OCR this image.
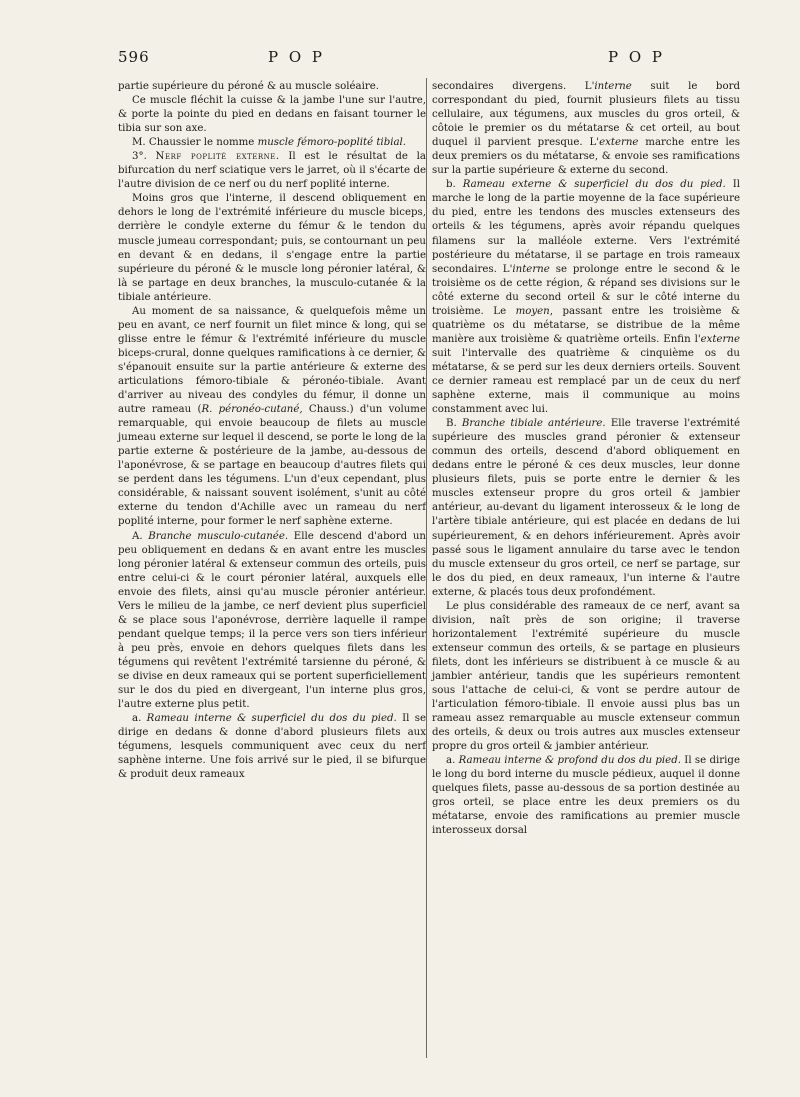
596	P O P	P O P

partie supérieure du péroné & au muscle soléaire.

Ce muscle fléchit la cuisse & la jambe l'une sur l'autre, & porte la pointe du pied en dedans en faisant tourner le tibia sur son axe.

M. Chaussier le nomme muscle fémoro-poplité tibial.

3°. Nerf poplité externe. Il est le résultat de la bifurcation du nerf sciatique vers le jarret, où il s'écarte de l'autre division de ce nerf ou du nerf poplité interne.

Moins gros que l'interne, il descend obliquement en dehors le long de l'extrémité inférieure du muscle biceps, derrière le condyle externe du fémur & le tendon du muscle jumeau correspondant; puis, se contournant un peu en devant & en dedans, il s'engage entre la partie supérieure du péroné & le muscle long péronier latéral, & là se partage en deux branches, la musculo-cutanée & la tibiale antérieure.

Au moment de sa naissance, & quelquefois même un peu en avant, ce nerf fournit un filet mince & long, qui se glisse entre le fémur & l'extrémité inférieure du muscle biceps-crural, donne quelques ramifications à ce dernier, & s'épanouit ensuite sur la partie antérieure & externe des articulations fémoro-tibiale & péronéo-tibiale. Avant d'arriver au niveau des condyles du fémur, il donne un autre rameau (R. péronéo-cutané, Chauss.) d'un volume remarquable, qui envoie beaucoup de filets au muscle jumeau externe sur lequel il descend, se porte le long de la partie externe & postérieure de la jambe, au-dessous de l'aponévrose, & se partage en beaucoup d'autres filets qui se perdent dans les tégumens. L'un d'eux cependant, plus considérable, & naissant souvent isolément, s'unit au côté externe du tendon d'Achille avec un rameau du nerf poplité interne, pour former le nerf saphène externe.

A. Branche musculo-cutanée. Elle descend d'abord un peu obliquement en dedans & en avant entre les muscles long péronier latéral & extenseur commun des orteils, puis entre celui-ci & le court péronier latéral, auxquels elle envoie des filets, ainsi qu'au muscle péronier antérieur. Vers le milieu de la jambe, ce nerf devient plus superficiel & se place sous l'aponévrose, derrière laquelle il rampe pendant quelque temps; il la perce vers son tiers inférieur à peu près, envoie en dehors quelques filets dans les tégumens qui revêtent l'extrémité tarsienne du péroné, & se divise en deux rameaux qui se portent superficiellement sur le dos du pied en divergeant, l'un interne plus gros, l'autre externe plus petit.

a. Rameau interne & superficiel du dos du pied. Il se dirige en dedans & donne d'abord plusieurs filets aux tégumens, lesquels communiquent avec ceux du nerf saphène interne. Une fois arrivé sur le pied, il se bifurque & produit deux rameaux

secondaires divergens. L'interne suit le bord correspondant du pied, fournit plusieurs filets au tissu cellulaire, aux tégumens, aux muscles du gros orteil, & côtoie le premier os du métatarse & cet orteil, au bout duquel il parvient presque. L'externe marche entre les deux premiers os du métatarse, & envoie ses ramifications sur la partie supérieure & externe du second.

b. Rameau externe & superficiel du dos du pied. Il marche le long de la partie moyenne de la face supérieure du pied, entre les tendons des muscles extenseurs des orteils & les tégumens, après avoir répandu quelques filamens sur la malléole externe. Vers l'extrémité postérieure du métatarse, il se partage en trois rameaux secondaires. L'interne se prolonge entre le second & le troisième os de cette région, & répand ses divisions sur le côté externe du second orteil & sur le côté interne du troisième. Le moyen, passant entre les troisième & quatrième os du métatarse, se distribue de la même manière aux troisième & quatrième orteils. Enfin l'externe suit l'intervalle des quatrième & cinquième os du métatarse, & se perd sur les deux derniers orteils. Souvent ce dernier rameau est remplacé par un de ceux du nerf saphène externe, mais il communique au moins constamment avec lui.

B. Branche tibiale antérieure. Elle traverse l'extrémité supérieure des muscles grand péronier & extenseur commun des orteils, descend d'abord obliquement en dedans entre le péroné & ces deux muscles, leur donne plusieurs filets, puis se porte entre le dernier & les muscles extenseur propre du gros orteil & jambier antérieur, au-devant du ligament interosseux & le long de l'artère tibiale antérieure, qui est placée en dedans de lui supérieurement, & en dehors inférieurement. Après avoir passé sous le ligament annulaire du tarse avec le tendon du muscle extenseur du gros orteil, ce nerf se partage, sur le dos du pied, en deux rameaux, l'un interne & l'autre externe, & placés tous deux profondément.

Le plus considérable des rameaux de ce nerf, avant sa division, naît près de son origine; il traverse horizontalement l'extrémité supérieure du muscle extenseur commun des orteils, & se partage en plusieurs filets, dont les inférieurs se distribuent à ce muscle & au jambier antérieur, tandis que les supérieurs remontent sous l'attache de celui-ci, & vont se perdre autour de l'articulation fémoro-tibiale. Il envoie aussi plus bas un rameau assez remarquable au muscle extenseur commun des orteils, & deux ou trois autres aux muscles extenseur propre du gros orteil & jambier antérieur.

a. Rameau interne & profond du dos du pied. Il se dirige le long du bord interne du muscle pédieux, auquel il donne quelques filets, passe au-dessous de sa portion destinée au gros orteil, se place entre les deux premiers os du métatarse, envoie des ramifications au premier muscle interosseux dorsal
